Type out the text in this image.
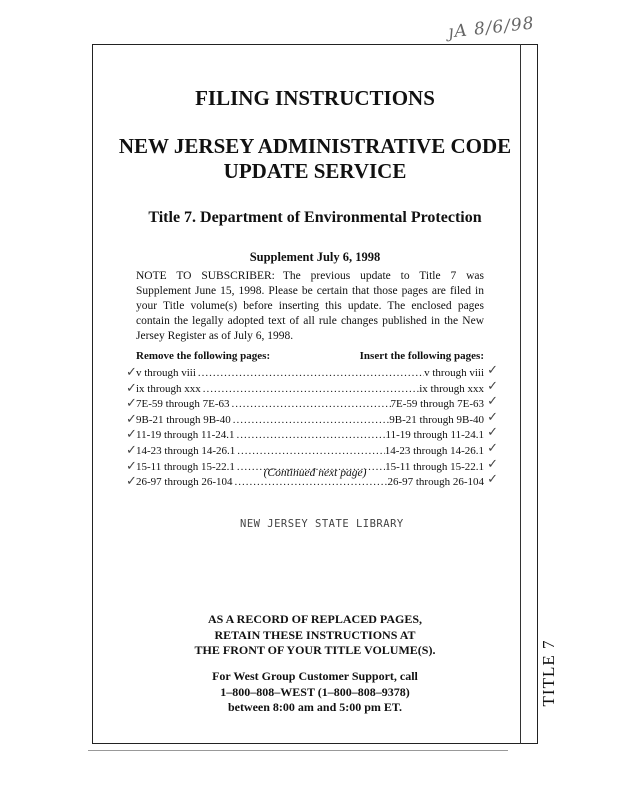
ȷA 8/6/98
FILING INSTRUCTIONS
NEW JERSEY ADMINISTRATIVE CODE
UPDATE SERVICE
Title 7. Department of Environmental Protection
Supplement July 6, 1998
NOTE TO SUBSCRIBER: The previous update to Title 7 was Supplement June 15, 1998. Please be certain that those pages are filed in your Title volume(s) before inserting this update. The enclosed pages contain the legally adopted text of all rule changes published in the New Jersey Register as of July 6, 1998.
Remove the following pages:	Insert the following pages:
✓ v through viii .....	v through viii ✓
✓ ix through xxx .....	ix through xxx ✓
✓ 7E-59 through 7E-63 .....	7E-59 through 7E-63 ✓
✓ 9B-21 through 9B-40 .....	9B-21 through 9B-40 ✓
✓ 11-19 through 11-24.1 .....	11-19 through 11-24.1 ✓
✓ 14-23 through 14-26.1 .....	14-23 through 14-26.1 ✓
✓ 15-11 through 15-22.1 .....	15-11 through 15-22.1 ✓
✓ 26-97 through 26-104 .....	26-97 through 26-104 ✓
(Continued next page)
NEW JERSEY STATE LIBRARY
AS A RECORD OF REPLACED PAGES,
RETAIN THESE INSTRUCTIONS AT
THE FRONT OF YOUR TITLE VOLUME(S).
For West Group Customer Support, call
1–800–808–WEST (1–800–808–9378)
between 8:00 am and 5:00 pm ET.
TITLE 7
